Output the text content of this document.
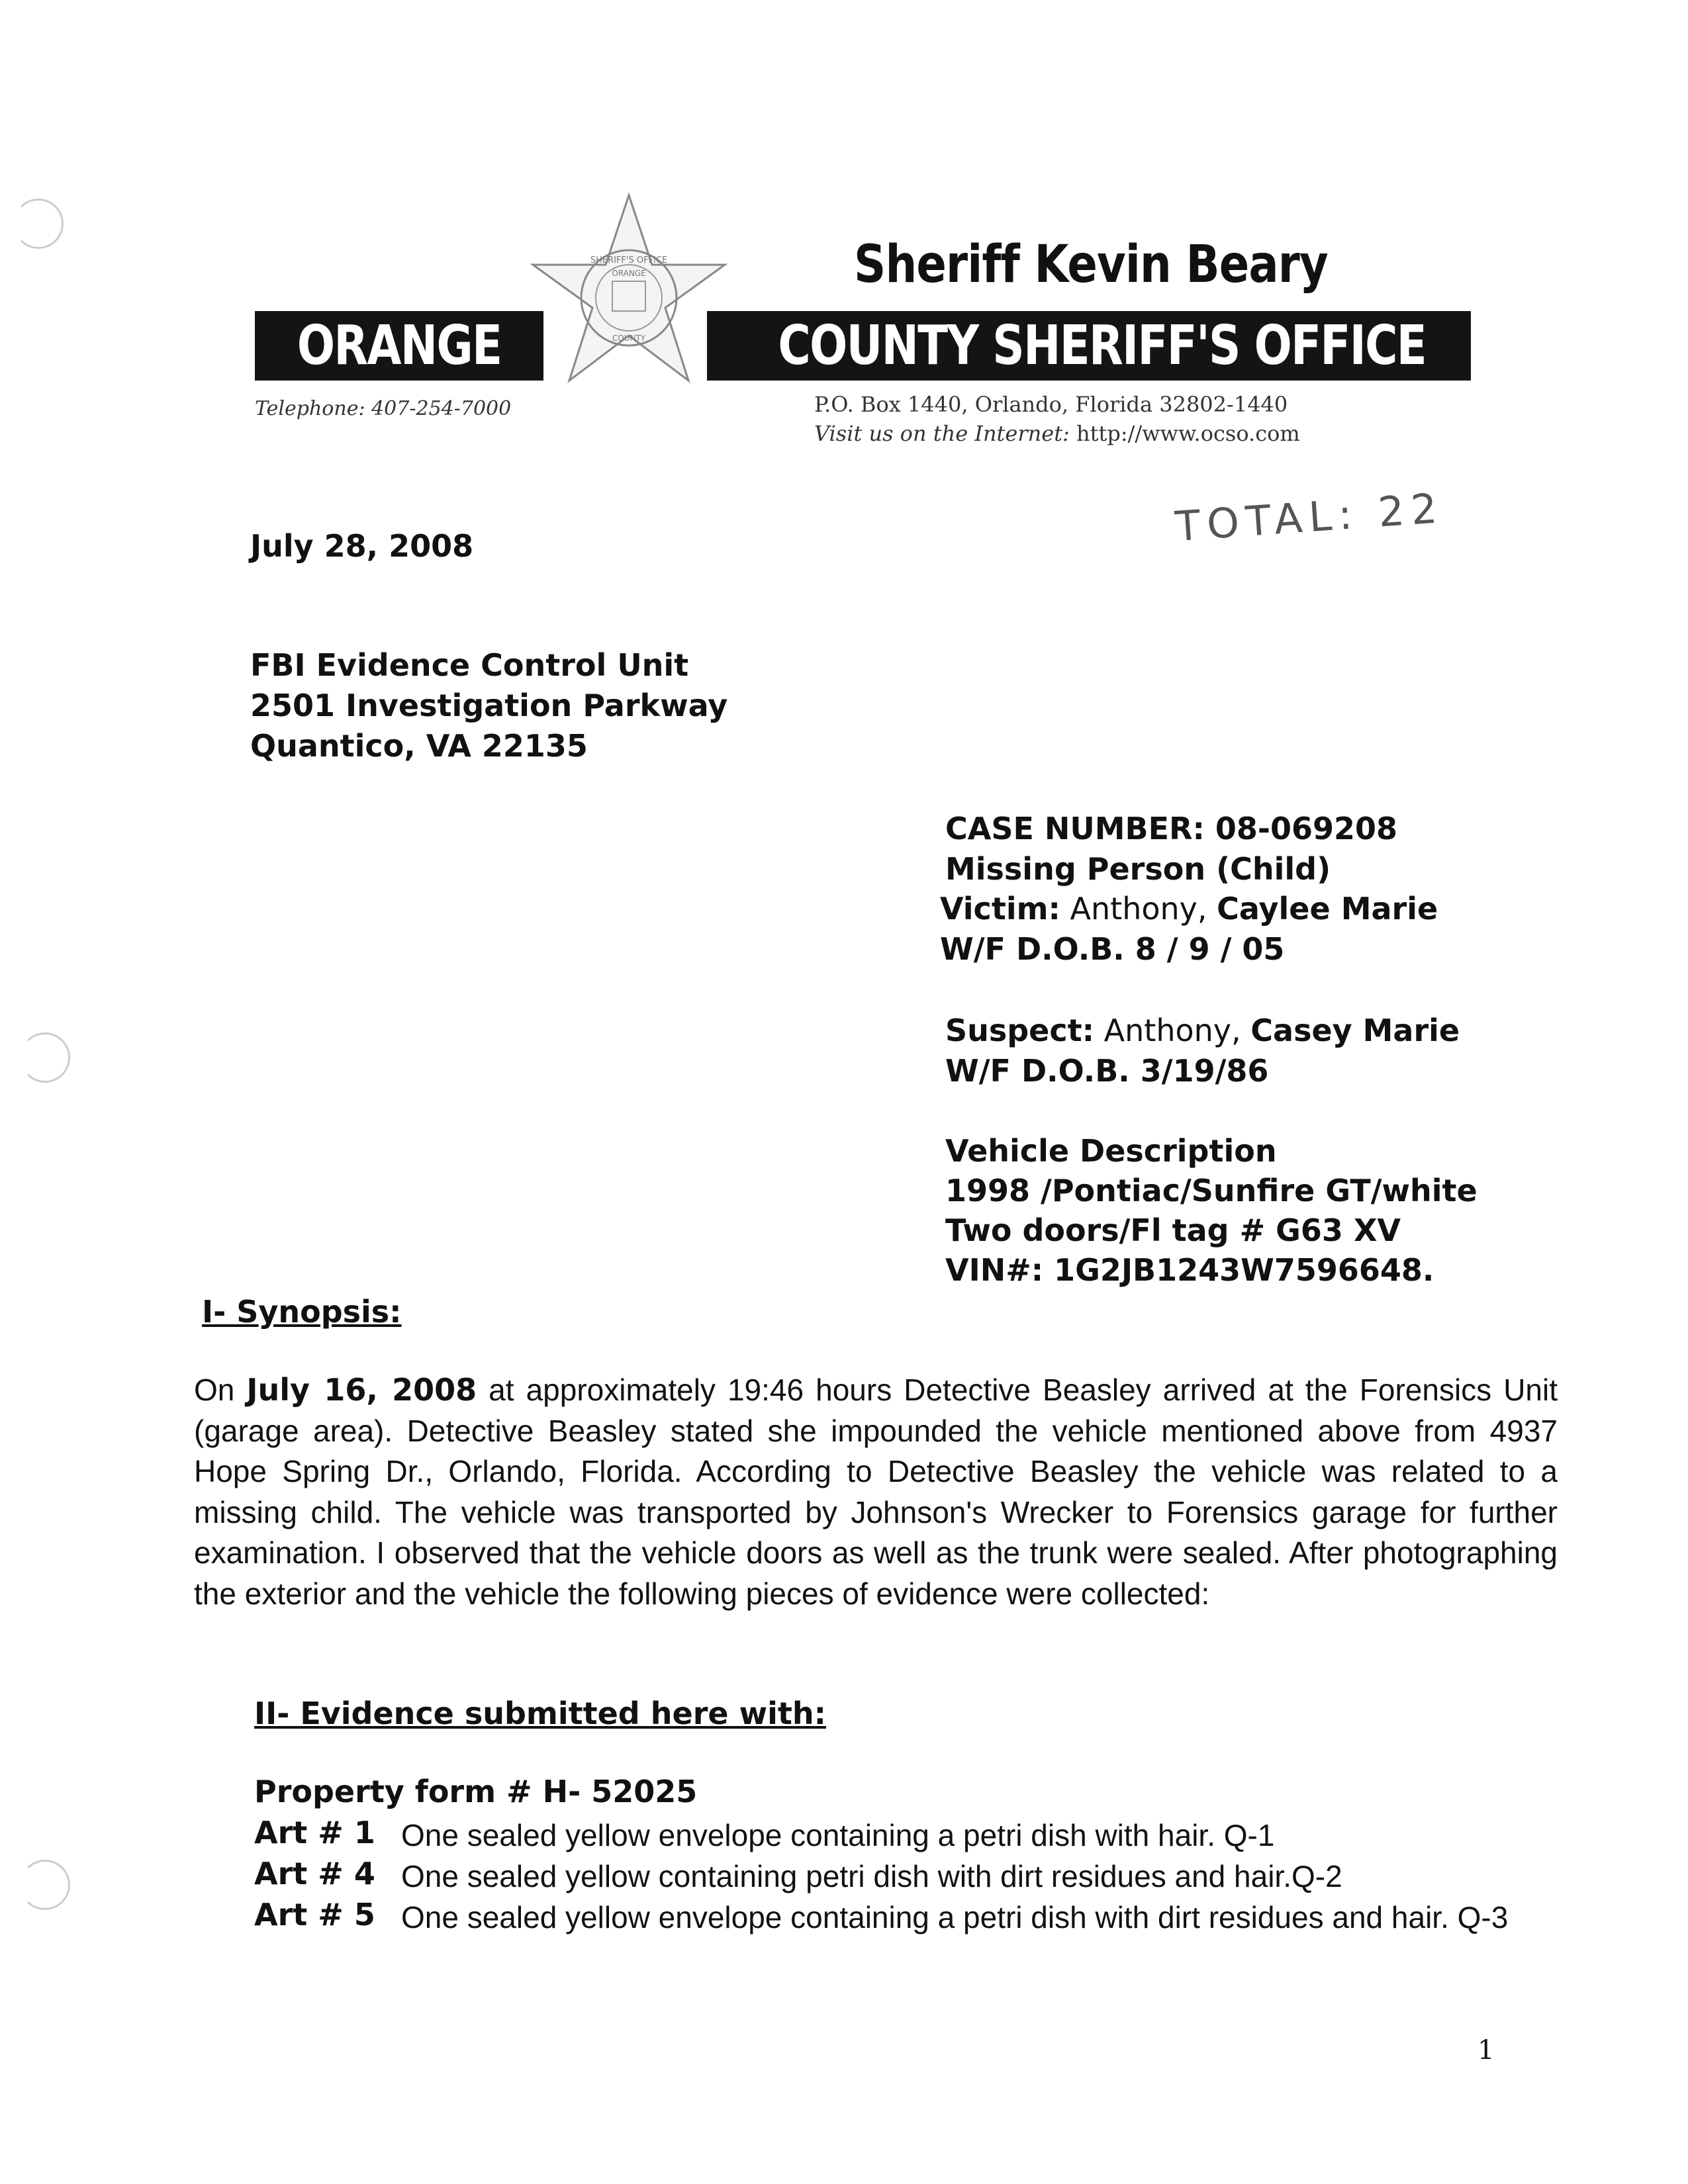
Sheriff Kevin Beary
ORANGE
SHERIFF'S OFFICE
ORANGE
COUNTY	COUNTY SHERIFF'S OFFICE
Telephone: 407-254-7000	P.O. Box 1440, Orlando, Florida 32802-1440
Visit us on the Internet: http://www.ocso.com
TOTAL: 22
July 28, 2008
FBI Evidence Control Unit
2501 Investigation Parkway
Quantico, VA 22135
CASE NUMBER: 08-069208
Missing Person (Child)
Victim: Anthony, Caylee Marie
W/F D.O.B. 8 / 9 / 05
Suspect: Anthony, Casey Marie
W/F D.O.B. 3/19/86
Vehicle Description
1998 /Pontiac/Sunfire GT/white
Two doors/Fl tag # G63 XV
VIN#: 1G2JB1243W7596648.
I- Synopsis:

On July 16, 2008 at approximately 19:46 hours Detective Beasley arrived at the Forensics Unit (garage area). Detective Beasley stated she impounded the vehicle mentioned above from 4937 Hope Spring Dr., Orlando, Florida. According to Detective Beasley the vehicle was related to a missing child. The vehicle was transported by Johnson's Wrecker to Forensics garage for further examination. I observed that the vehicle doors as well as the trunk were sealed. After photographing the exterior and the vehicle the following pieces of evidence were collected:

II- Evidence submitted here with:
Property form # H- 52025
Art # 1 One sealed yellow envelope containing a petri dish with hair. Q-1
Art # 4 One sealed yellow containing petri dish with dirt residues and hair.Q-2
Art # 5 One sealed yellow envelope containing a petri dish with dirt residues and hair. Q-3
1
